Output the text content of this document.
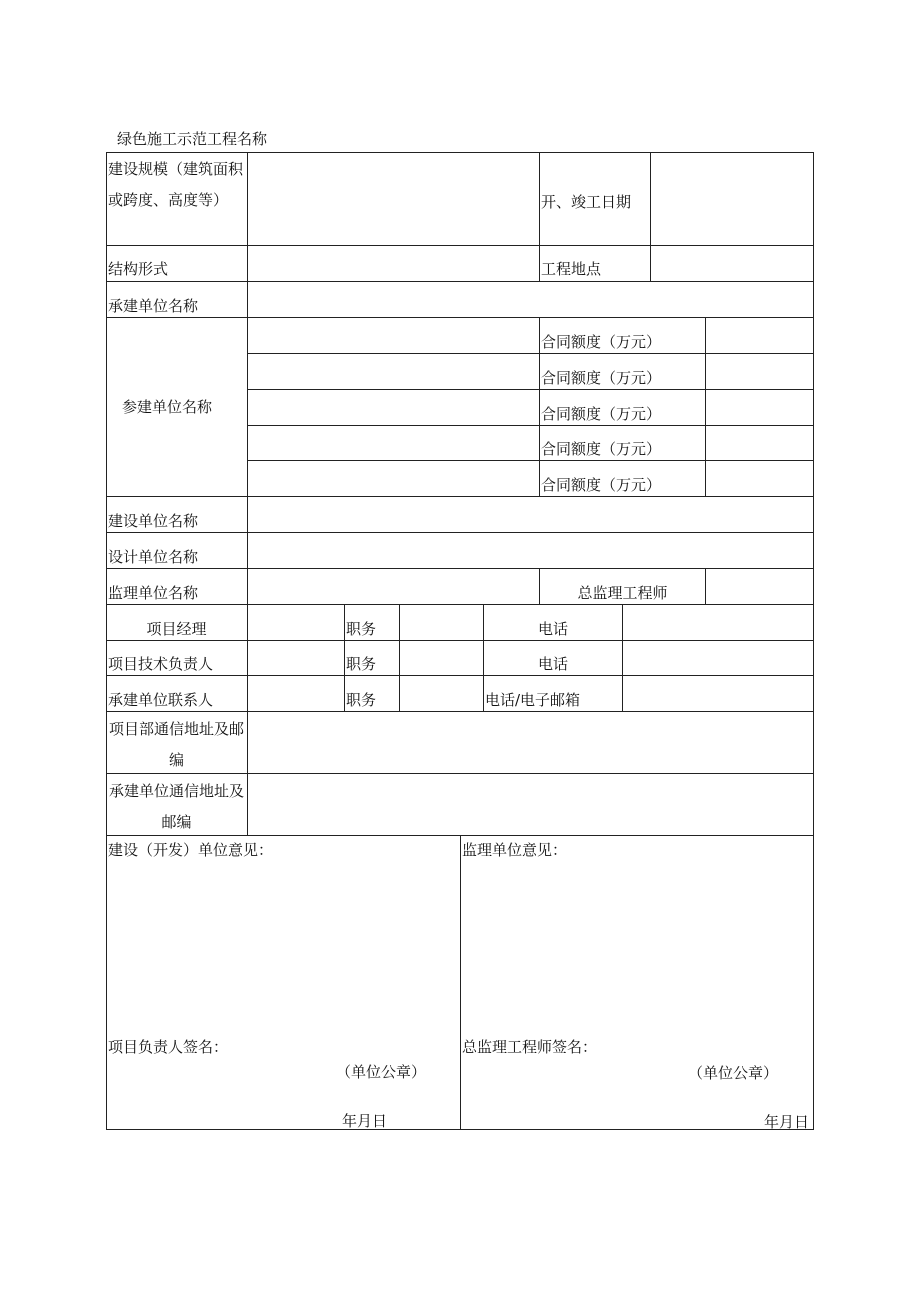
绿色施工示范工程名称
建设规模（建筑面积或跨度、高度等）	开、竣工日期
结构形式	工程地点
承建单位名称
参建单位名称
合同额度（万元）
合同额度（万元）
合同额度（万元）
合同额度（万元）
合同额度（万元）
建设单位名称
设计单位名称
监理单位名称	总监理工程师
项目经理	职务	电话
项目技术负责人	职务	电话
承建单位联系人	职务	电话/电子邮箱
项目部通信地址及邮编
承建单位通信地址及邮编
建设（开发）单位意见：
项目负责人签名：
（单位公章）
年月日
监理单位意见：
总监理工程师签名：
（单位公章）
年月日
